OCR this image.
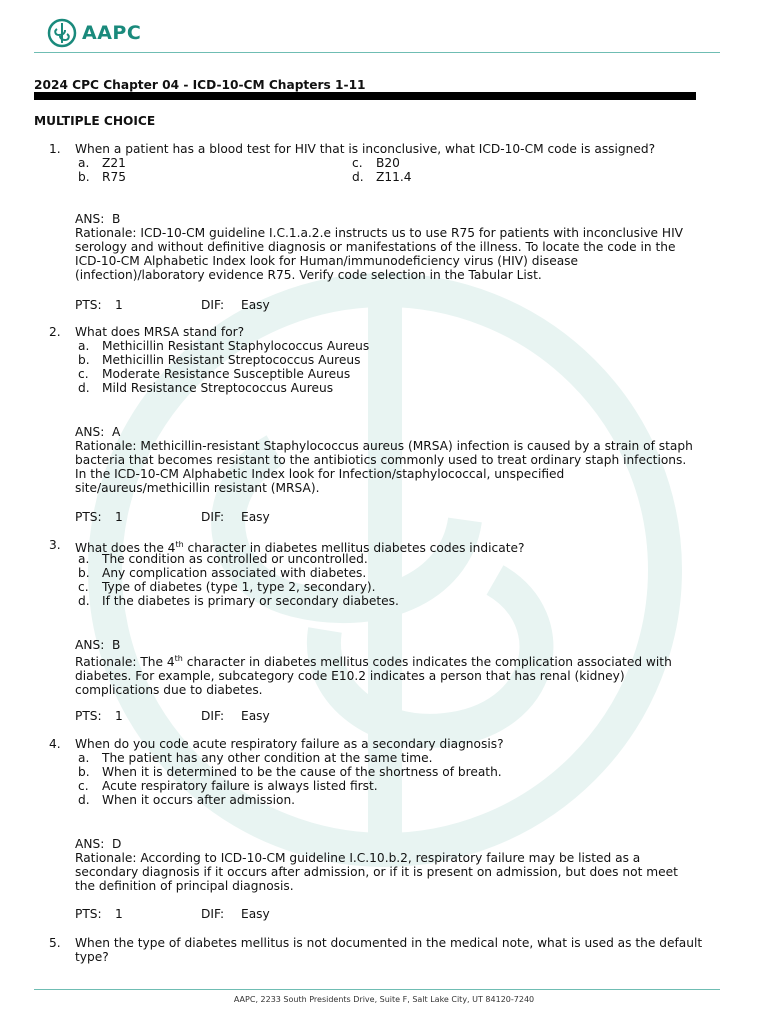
AAPC
2024 CPC Chapter 04 - ICD-10-CM Chapters 1-11
MULTIPLE CHOICE
1. When a patient has a blood test for HIV that is inconclusive, what ICD-10-CM code is assigned?
a.	Z21
b.	R75
c.	B20
d.	Z11.4
ANS: B
Rationale: ICD-10-CM guideline I.C.1.a.2.e instructs us to use R75 for patients with inconclusive HIV serology and without definitive diagnosis or manifestations of the illness. To locate the code in the ICD-10-CM Alphabetic Index look for Human/immunodeficiency virus (HIV) disease (infection)/laboratory evidence R75. Verify code selection in the Tabular List.
PTS:	1	DIF:	Easy
2. What does MRSA stand for?
a.	Methicillin Resistant Staphylococcus Aureus
b.	Methicillin Resistant Streptococcus Aureus
c.	Moderate Resistance Susceptible Aureus
d.	Mild Resistance Streptococcus Aureus
ANS: A
Rationale: Methicillin-resistant Staphylococcus aureus (MRSA) infection is caused by a strain of staph bacteria that becomes resistant to the antibiotics commonly used to treat ordinary staph infections. In the ICD-10-CM Alphabetic Index look for Infection/staphylococcal, unspecified site/aureus/methicillin resistant (MRSA).
PTS:	1	DIF:	Easy
3. What does the 4th character in diabetes mellitus diabetes codes indicate?
a.	The condition as controlled or uncontrolled.
b.	Any complication associated with diabetes.
c.	Type of diabetes (type 1, type 2, secondary).
d.	If the diabetes is primary or secondary diabetes.
ANS: B
Rationale: The 4th character in diabetes mellitus codes indicates the complication associated with diabetes. For example, subcategory code E10.2 indicates a person that has renal (kidney) complications due to diabetes.
PTS:	1	DIF:	Easy
4. When do you code acute respiratory failure as a secondary diagnosis?
a.	The patient has any other condition at the same time.
b.	When it is determined to be the cause of the shortness of breath.
c.	Acute respiratory failure is always listed first.
d.	When it occurs after admission.
ANS: D
Rationale: According to ICD-10-CM guideline I.C.10.b.2, respiratory failure may be listed as a secondary diagnosis if it occurs after admission, or if it is present on admission, but does not meet the definition of principal diagnosis.
PTS:	1	DIF:	Easy
5. When the type of diabetes mellitus is not documented in the medical note, what is used as the default type?
AAPC, 2233 South Presidents Drive, Suite F, Salt Lake City, UT 84120-7240
